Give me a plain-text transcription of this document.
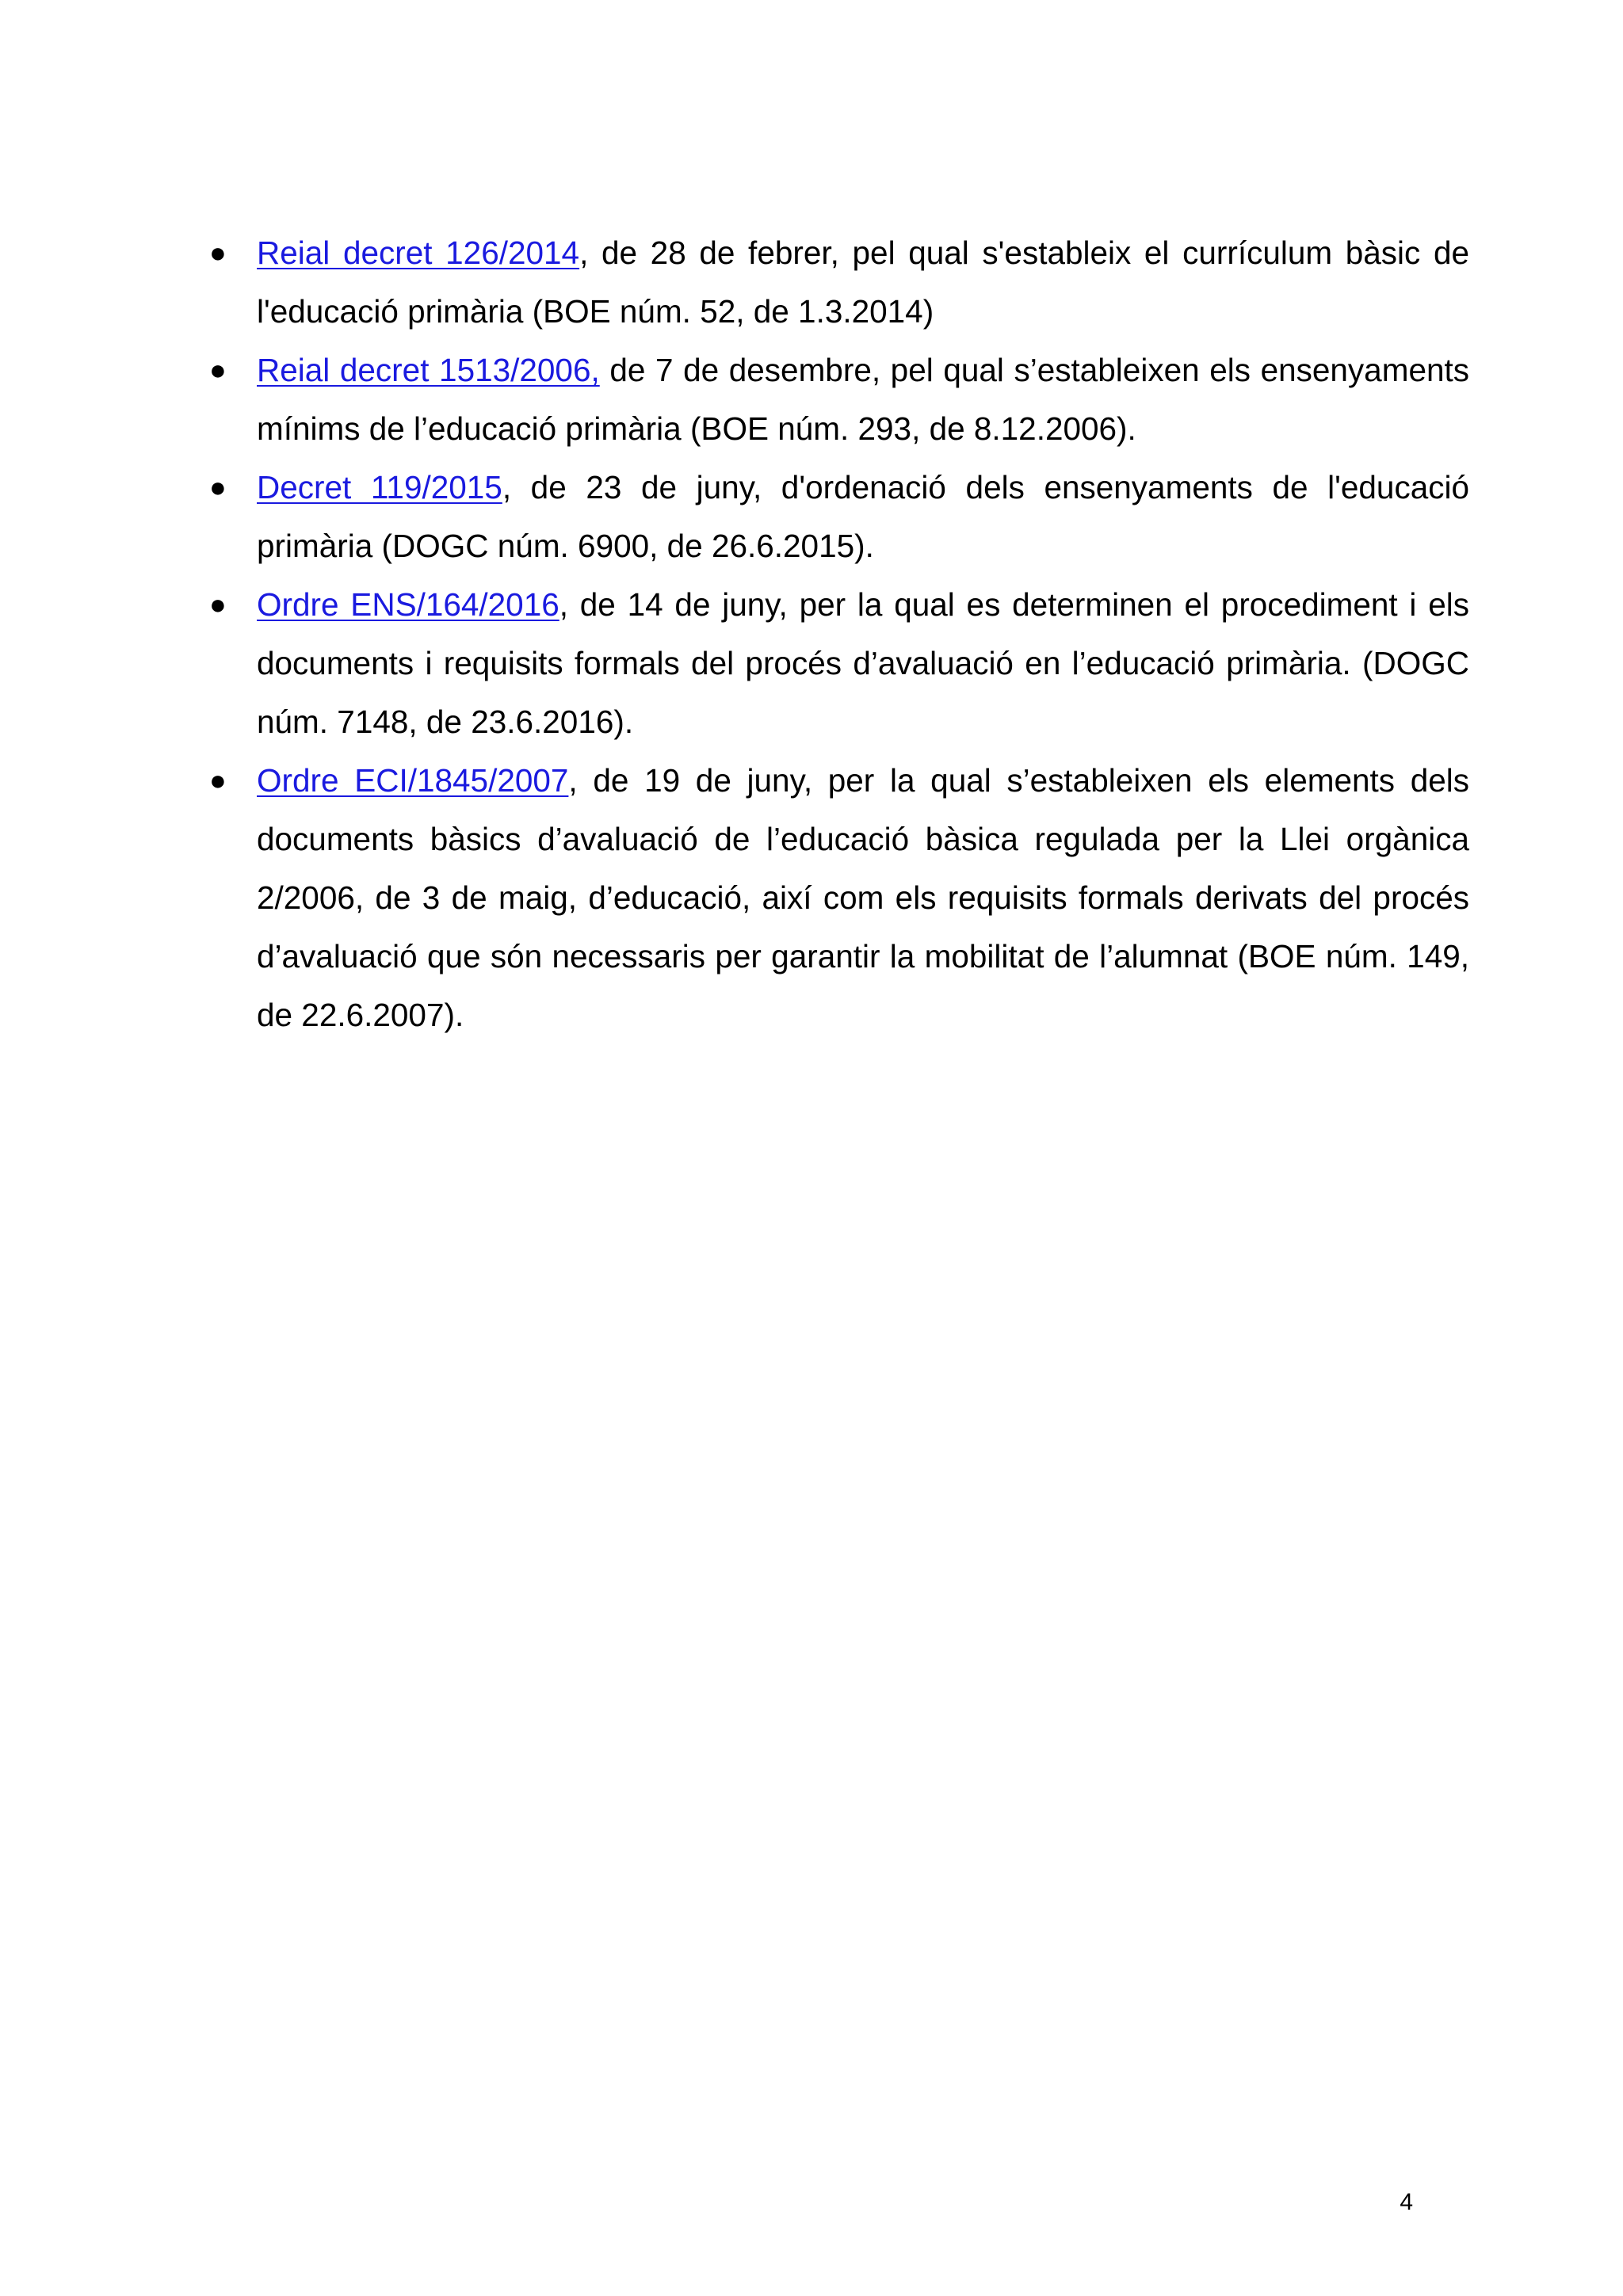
● Reial decret 126/2014, de 28 de febrer, pel qual s'estableix el currículum bàsic de l'educació primària (BOE núm. 52, de 1.3.2014)
● Reial decret 1513/2006, de 7 de desembre, pel qual s’estableixen els ensenyaments mínims de l’educació primària (BOE núm. 293, de 8.12.2006).
● Decret 119/2015, de 23 de juny, d'ordenació dels ensenyaments de l'educació primària (DOGC núm. 6900, de 26.6.2015).
● Ordre ENS/164/2016, de 14 de juny, per la qual es determinen el procediment i els documents i requisits formals del procés d’avaluació en l’educació primària. (DOGC núm. 7148, de 23.6.2016).
● Ordre ECI/1845/2007, de 19 de juny, per la qual s’estableixen els elements dels documents bàsics d’avaluació de l’educació bàsica regulada per la Llei orgànica 2/2006, de 3 de maig, d’educació, així com els requisits formals derivats del procés d’avaluació que són necessaris per garantir la mobilitat de l’alumnat (BOE núm. 149, de 22.6.2007).
4
